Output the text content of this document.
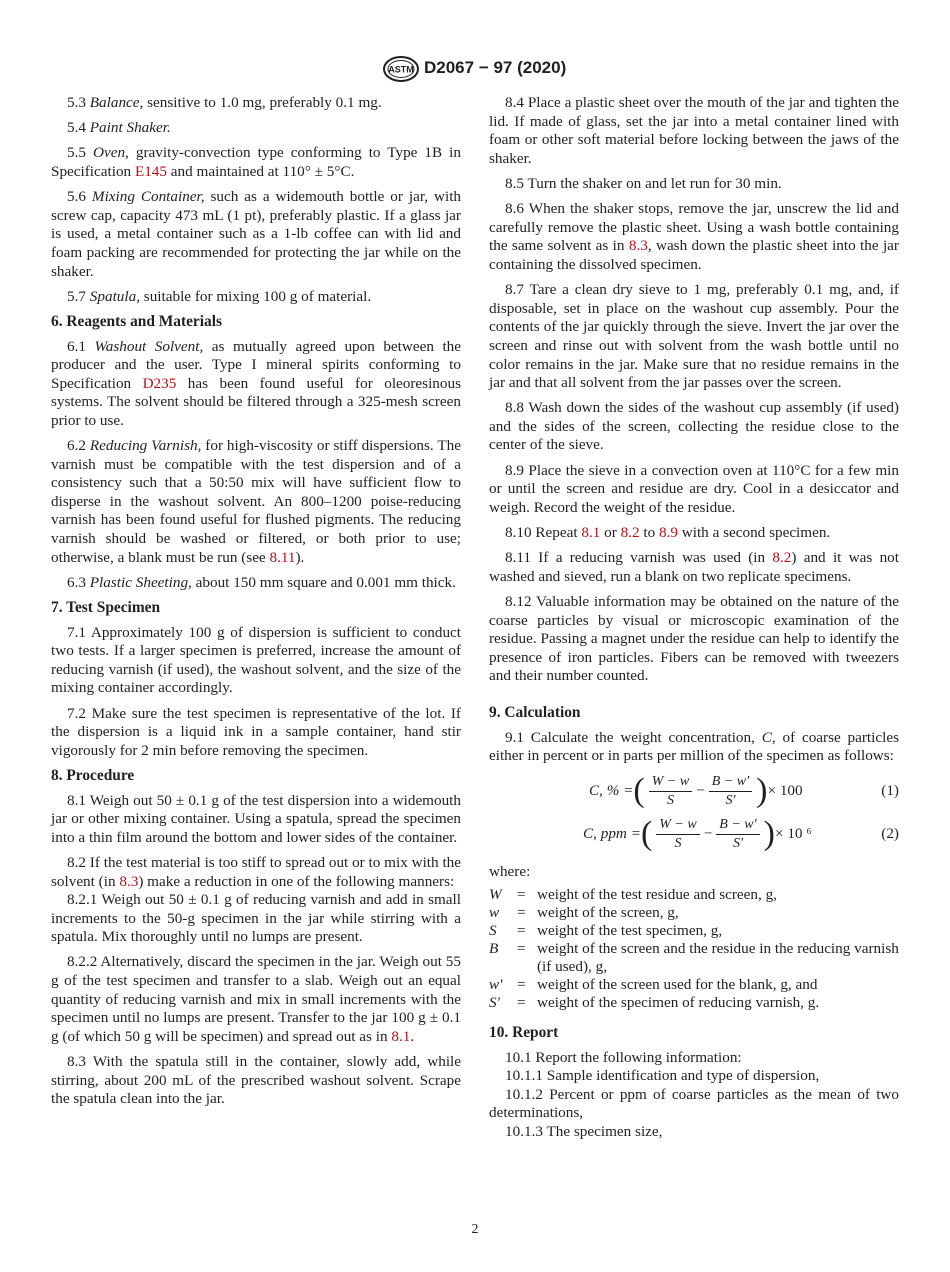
ASTM D2067 − 97 (2020)

5.3 Balance, sensitive to 1.0 mg, preferably 0.1 mg.

5.4 Paint Shaker.

5.5 Oven, gravity-convection type conforming to Type 1B in Specification E145 and maintained at 110° ± 5°C.

5.6 Mixing Container, such as a widemouth bottle or jar, with screw cap, capacity 473 mL (1 pt), preferably plastic. If a glass jar is used, a metal container such as a 1-lb coffee can with lid and foam packing are recommended for protecting the jar while on the shaker.

5.7 Spatula, suitable for mixing 100 g of material.

6. Reagents and Materials

6.1 Washout Solvent, as mutually agreed upon between the producer and the user. Type I mineral spirits conforming to Specification D235 has been found useful for oleoresinous systems. The solvent should be filtered through a 325-mesh screen prior to use.

6.2 Reducing Varnish, for high-viscosity or stiff dispersions. The varnish must be compatible with the test dispersion and of a consistency such that a 50:50 mix will have sufficient flow to disperse in the washout solvent. An 800–1200 poise-reducing varnish has been found useful for flushed pigments. The reducing varnish should be washed or filtered, or both prior to use; otherwise, a blank must be run (see 8.11).

6.3 Plastic Sheeting, about 150 mm square and 0.001 mm thick.

7. Test Specimen

7.1 Approximately 100 g of dispersion is sufficient to conduct two tests. If a larger specimen is preferred, increase the amount of reducing varnish (if used), the washout solvent, and the size of the mixing container accordingly.

7.2 Make sure the test specimen is representative of the lot. If the dispersion is a liquid ink in a sample container, hand stir vigorously for 2 min before removing the specimen.

8. Procedure

8.1 Weigh out 50 ± 0.1 g of the test dispersion into a widemouth jar or other mixing container. Using a spatula, spread the specimen into a thin film around the bottom and lower sides of the container.

8.2 If the test material is too stiff to spread out or to mix with the solvent (in 8.3) make a reduction in one of the following manners:

8.2.1 Weigh out 50 ± 0.1 g of reducing varnish and add in small increments to the 50-g specimen in the jar while stirring with a spatula. Mix thoroughly until no lumps are present.

8.2.2 Alternatively, discard the specimen in the jar. Weigh out 55 g of the test specimen and transfer to a slab. Weigh out an equal quantity of reducing varnish and mix in small increments with the specimen until no lumps are present. Transfer to the jar 100 g ± 0.1 g (of which 50 g will be specimen) and spread out as in 8.1.

8.3 With the spatula still in the container, slowly add, while stirring, about 200 mL of the prescribed washout solvent. Scrape the spatula clean into the jar.

8.4 Place a plastic sheet over the mouth of the jar and tighten the lid. If made of glass, set the jar into a metal container lined with foam or other soft material before locking between the jaws of the shaker.

8.5 Turn the shaker on and let run for 30 min.

8.6 When the shaker stops, remove the jar, unscrew the lid and carefully remove the plastic sheet. Using a wash bottle containing the same solvent as in 8.3, wash down the plastic sheet into the jar containing the dissolved specimen.

8.7 Tare a clean dry sieve to 1 mg, preferably 0.1 mg, and, if disposable, set in place on the washout cup assembly. Pour the contents of the jar quickly through the sieve. Invert the jar over the screen and rinse out with solvent from the wash bottle until no color remains in the jar. Make sure that no residue remains in the jar and that all solvent from the jar passes over the screen.

8.8 Wash down the sides of the washout cup assembly (if used) and the sides of the screen, collecting the residue close to the center of the sieve.

8.9 Place the sieve in a convection oven at 110°C for a few min or until the screen and residue are dry. Cool in a desiccator and weigh. Record the weight of the residue.

8.10 Repeat 8.1 or 8.2 to 8.9 with a second specimen.

8.11 If a reducing varnish was used (in 8.2) and it was not washed and sieved, run a blank on two replicate specimens.

8.12 Valuable information may be obtained on the nature of the coarse particles by visual or microscopic examination of the residue. Passing a magnet under the residue can help to identify the presence of iron particles. Fibers can be removed with tweezers and their number counted.

9. Calculation

9.1 Calculate the weight concentration, C, of coarse particles either in percent or in parts per million of the specimen as follows:

C, % = ( $\frac{W - w}{S} - \frac{B - w'}{S'}$ ) × 100	(1)
C, ppm = ( $\frac{W - w}{S} - \frac{B - w'}{S'}$ ) × 10 ⁶	(2)
where:
W	= weight of the test residue and screen, g,
w	= weight of the screen, g,
S	= weight of the test specimen, g,
B	= weight of the screen and the residue in the reducing varnish (if used), g,
w' = weight of the screen used for the blank, g, and
S'	= weight of the specimen of reducing varnish, g.
10. Report

10.1 Report the following information:

10.1.1 Sample identification and type of dispersion,

10.1.2 Percent or ppm of coarse particles as the mean of two determinations,

10.1.3 The specimen size,

2
